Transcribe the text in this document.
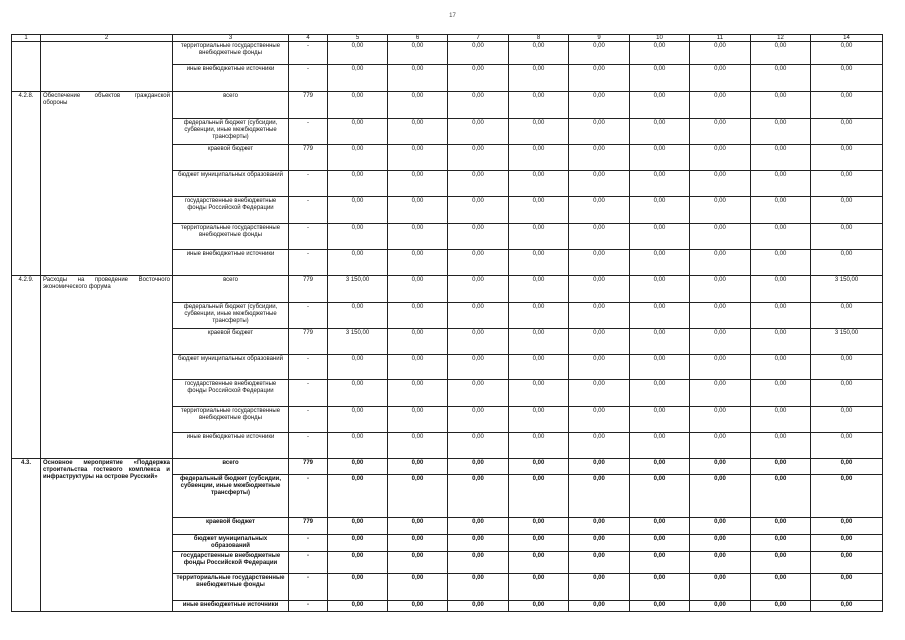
17
1	2	3	4	5	6	7	8	9	10	11	12	14
		территориальные государственные внебюджетные фонды	-	0,00	0,00	0,00	0,00	0,00	0,00	0,00	0,00	0,00
		иные внебюджетные источники	-	0,00	0,00	0,00	0,00	0,00	0,00	0,00	0,00	0,00
4.2.8.	Обеспечение объектов гражданской обороны	всего	779	0,00	0,00	0,00	0,00	0,00	0,00	0,00	0,00	0,00
		федеральный бюджет (субсидии, субвенции, иные межбюджетные трансферты)	-	0,00	0,00	0,00	0,00	0,00	0,00	0,00	0,00	0,00
		краевой бюджет	779	0,00	0,00	0,00	0,00	0,00	0,00	0,00	0,00	0,00
		бюджет муниципальных образований	-	0,00	0,00	0,00	0,00	0,00	0,00	0,00	0,00	0,00
		государственные внебюджетные фонды Российской Федерации	-	0,00	0,00	0,00	0,00	0,00	0,00	0,00	0,00	0,00
		территориальные государственные внебюджетные фонды	-	0,00	0,00	0,00	0,00	0,00	0,00	0,00	0,00	0,00
		иные внебюджетные источники	-	0,00	0,00	0,00	0,00	0,00	0,00	0,00	0,00	0,00
4.2.9.	Расходы на проведение Восточного экономического форума	всего	779	3 150,00	0,00	0,00	0,00	0,00	0,00	0,00	0,00	3 150,00
		федеральный бюджет (субсидии, субвенции, иные межбюджетные трансферты)	-	0,00	0,00	0,00	0,00	0,00	0,00	0,00	0,00	0,00
		краевой бюджет	779	3 150,00	0,00	0,00	0,00	0,00	0,00	0,00	0,00	3 150,00
		бюджет муниципальных образований	-	0,00	0,00	0,00	0,00	0,00	0,00	0,00	0,00	0,00
		государственные внебюджетные фонды Российской Федерации	-	0,00	0,00	0,00	0,00	0,00	0,00	0,00	0,00	0,00
		территориальные государственные внебюджетные фонды	-	0,00	0,00	0,00	0,00	0,00	0,00	0,00	0,00	0,00
		иные внебюджетные источники	-	0,00	0,00	0,00	0,00	0,00	0,00	0,00	0,00	0,00
4.3.	Основное мероприятие «Поддержка строительства гостевого комплекса и инфраструктуры на острове Русский»	всего	779	0,00	0,00	0,00	0,00	0,00	0,00	0,00	0,00	0,00
		федеральный бюджет (субсидии, субвенции, иные межбюджетные трансферты)	-	0,00	0,00	0,00	0,00	0,00	0,00	0,00	0,00	0,00
		краевой бюджет	779	0,00	0,00	0,00	0,00	0,00	0,00	0,00	0,00	0,00
		бюджет муниципальных образований	-	0,00	0,00	0,00	0,00	0,00	0,00	0,00	0,00	0,00
		государственные внебюджетные фонды Российской Федерации	-	0,00	0,00	0,00	0,00	0,00	0,00	0,00	0,00	0,00
		территориальные государственные внебюджетные фонды	-	0,00	0,00	0,00	0,00	0,00	0,00	0,00	0,00	0,00
		иные внебюджетные источники	-	0,00	0,00	0,00	0,00	0,00	0,00	0,00	0,00	0,00
